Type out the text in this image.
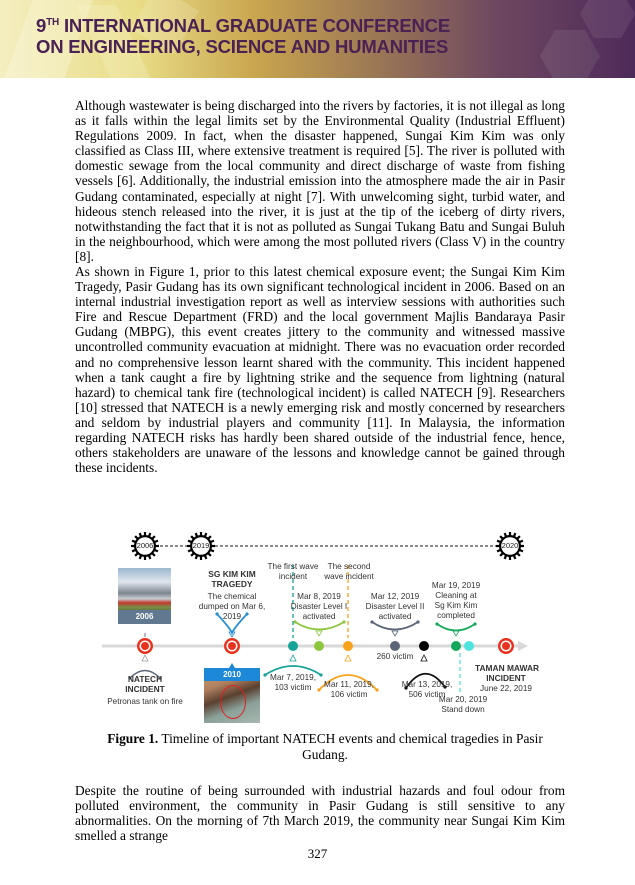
9TH INTERNATIONAL GRADUATE CONFERENCE
ON ENGINEERING, SCIENCE AND HUMANITIES

Although wastewater is being discharged into the rivers by factories, it is not illegal as long as it falls within the legal limits set by the Environmental Quality (Industrial Effluent) Regulations 2009. In fact, when the disaster happened, Sungai Kim Kim was only classified as Class III, where extensive treatment is required [5]. The river is polluted with domestic sewage from the local community and direct discharge of waste from fishing vessels [6]. Additionally, the industrial emission into the atmosphere made the air in Pasir Gudang contaminated, especially at night [7]. With unwelcoming sight, turbid water, and hideous stench released into the river, it is just at the tip of the iceberg of dirty rivers, notwithstanding the fact that it is not as polluted as Sungai Tukang Batu and Sungai Buluh in the neighbourhood, which were among the most polluted rivers (Class V) in the country [8].

As shown in Figure 1, prior to this latest chemical exposure event; the Sungai Kim Kim Tragedy, Pasir Gudang has its own significant technological incident in 2006. Based on an internal industrial investigation report as well as interview sessions with authorities such Fire and Rescue Department (FRD) and the local government Majlis Bandaraya Pasir Gudang (MBPG), this event creates jittery to the community and witnessed massive uncontrolled community evacuation at midnight. There was no evacuation order recorded and no comprehensive lesson learnt shared with the community. This incident happened when a tank caught a fire by lightning strike and the sequence from lightning (natural hazard) to chemical tank fire (technological incident) is called NATECH [9]. Researchers [10] stressed that NATECH is a newly emerging risk and mostly concerned by researchers and seldom by industrial players and community [11]. In Malaysia, the information regarding NATECH risks has hardly been shared outside of the industrial fence, hence, others stakeholders are unaware of the lessons and knowledge cannot be gained through these incidents.

2006	2019	2020
2006
2010
SG KIM KIM
TRAGEDY
The chemical
dumped on Mar 6,
2019
The first wave
incident
The second
wave incident
Mar 8, 2019
Disaster Level I
activated
Mar 12, 2019
Disaster Level II
activated
Mar 19, 2019
Cleaning at
Sg Kim Kim
completed
260 victim
Mar 7, 2019,
103 victim	Mar 11, 2019,
106 victim
Mar 13, 2019,
506 victim
Mar 20, 2019
Stand down
NATECH
INCIDENT
Petronas tank on fire
TAMAN MAWAR
INCIDENT
June 22, 2019
Figure 1. Timeline of important NATECH events and chemical tragedies in Pasir Gudang.

Despite the routine of being surrounded with industrial hazards and foul odour from polluted environment, the community in Pasir Gudang is still sensitive to any abnormalities. On the morning of 7th March 2019, the community near Sungai Kim Kim smelled a strange

327
